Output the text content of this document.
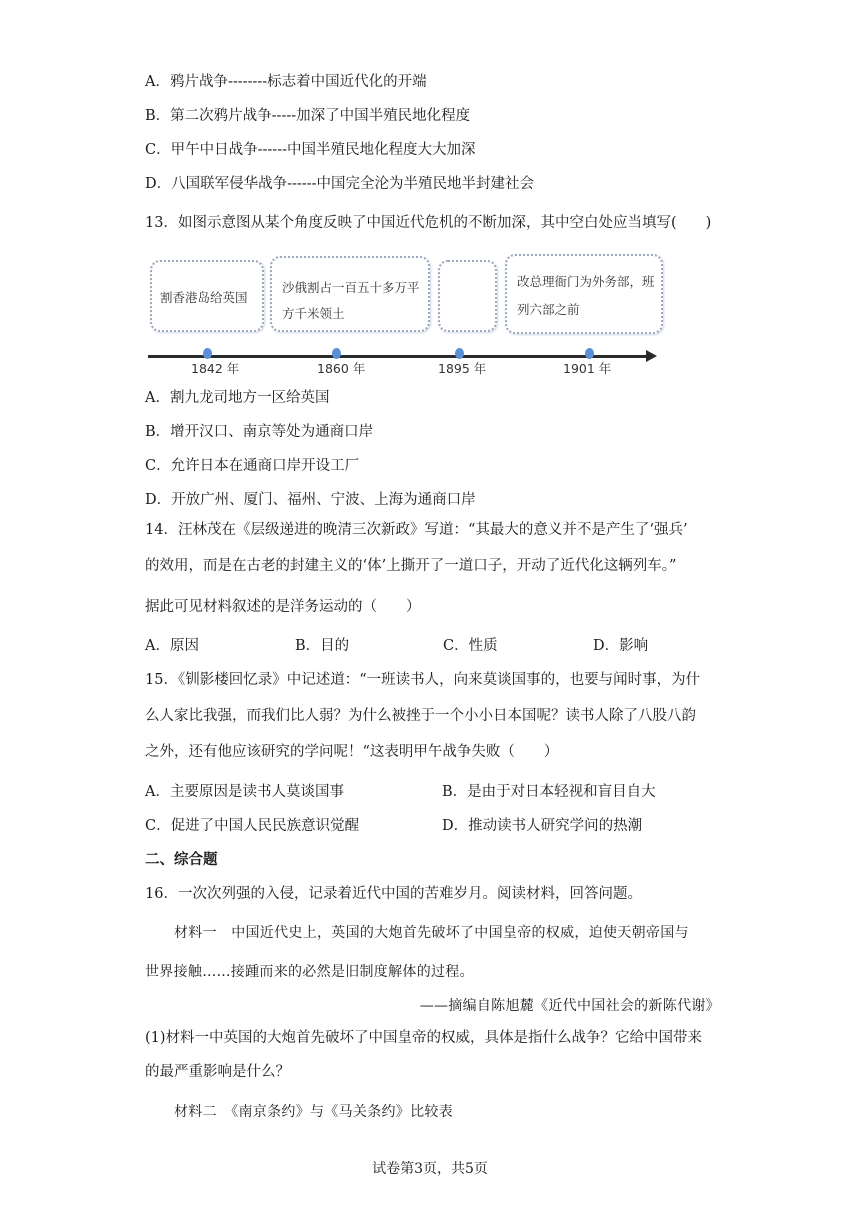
A．鸦片战争--------标志着中国近代化的开端
B．第二次鸦片战争-----加深了中国半殖民地化程度
C．甲午中日战争------中国半殖民地化程度大大加深
D．八国联军侵华战争------中国完全沦为半殖民地半封建社会
13．如图示意图从某个角度反映了中国近代危机的不断加深，其中空白处应当填写(　　)
割香港岛给英国
沙俄割占一百五十多万平
方千米领土
改总理衙门为外务部，班
列六部之前
1842 年	1860 年	1895 年	1901 年
A．割九龙司地方一区给英国
B．增开汉口、南京等处为通商口岸
C．允许日本在通商口岸开设工厂
D．开放广州、厦门、福州、宁波、上海为通商口岸
14．汪林茂在《层级递进的晚清三次新政》写道：“其最大的意义并不是产生了‘强兵’
的效用，而是在古老的封建主义的‘体’上撕开了一道口子，开动了近代化这辆列车。”
据此可见材料叙述的是洋务运动的（　　）
A．原因	B．目的	C．性质	D．影响
15．《钏影楼回忆录》中记述道：“一班读书人，向来莫谈国事的，也要与闻时事，为什
么人家比我强，而我们比人弱？为什么被挫于一个小小日本国呢？读书人除了八股八韵
之外，还有他应该研究的学问呢！“这表明甲午战争失败（　　）
A．主要原因是读书人莫谈国事	B．是由于对日本轻视和盲目自大
C．促进了中国人民民族意识觉醒	D．推动读书人研究学问的热潮
二、综合题
16．一次次列强的入侵，记录着近代中国的苦难岁月。阅读材料，回答问题。
材料一　中国近代史上，英国的大炮首先破坏了中国皇帝的权威，迫使天朝帝国与
世界接触……接踵而来的必然是旧制度解体的过程。
——摘编自陈旭麓《近代中国社会的新陈代谢》
(1)材料一中英国的大炮首先破坏了中国皇帝的权威，具体是指什么战争？它给中国带来
的最严重影响是什么？
材料二　《南京条约》与《马关条约》比较表
试卷第3页，共5页
